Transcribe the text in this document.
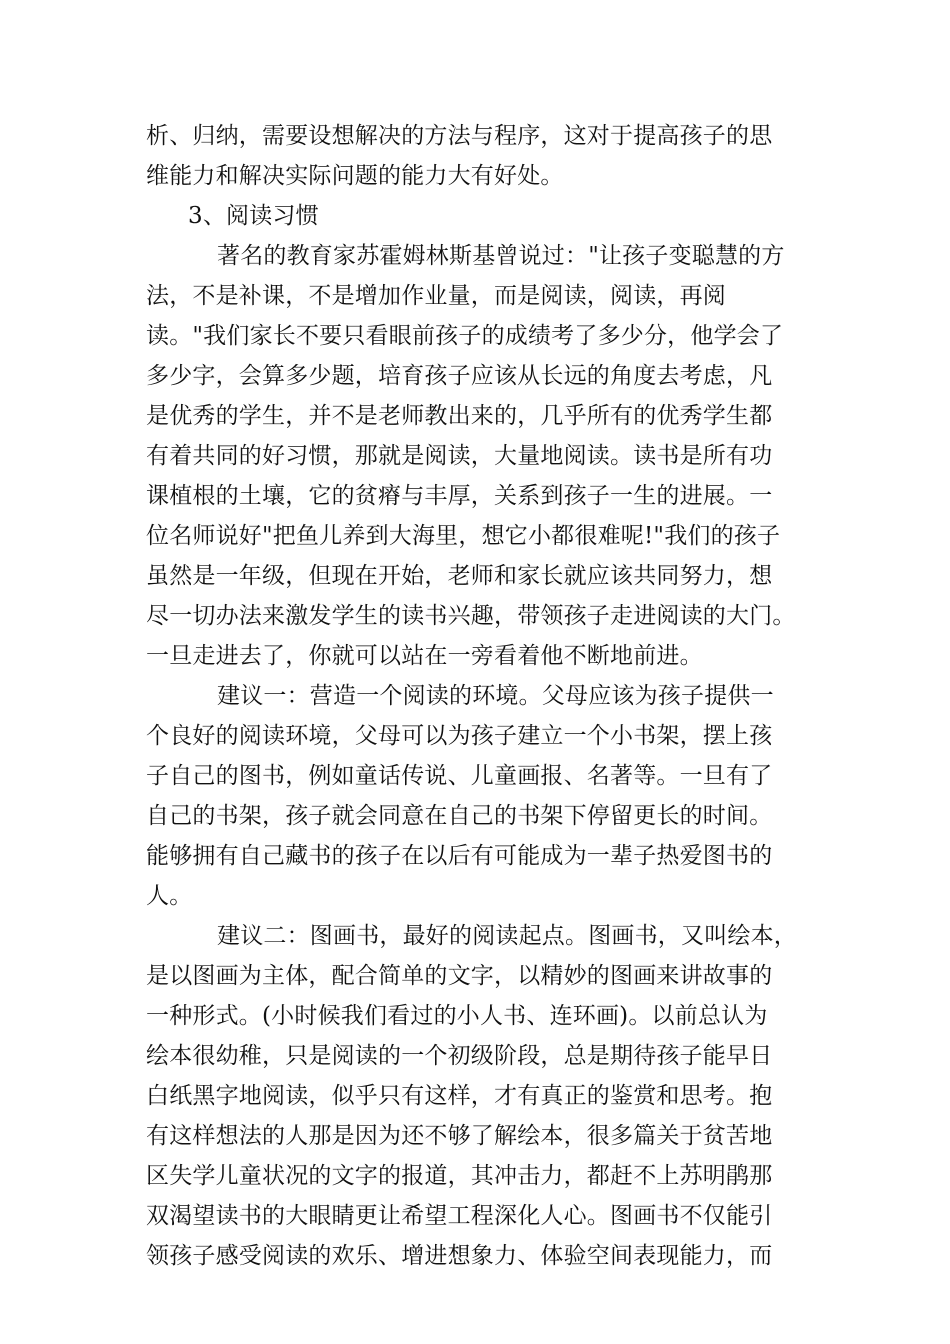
析、归纳，需要设想解决的方法与程序，这对于提高孩子的思
维能力和解决实际问题的能力大有好处。
3、阅读习惯
著名的教育家苏霍姆林斯基曾说过："让孩子变聪慧的方
法，不是补课，不是增加作业量，而是阅读，阅读，再阅
读。"我们家长不要只看眼前孩子的成绩考了多少分，他学会了
多少字，会算多少题，培育孩子应该从长远的角度去考虑，凡
是优秀的学生，并不是老师教出来的，几乎所有的优秀学生都
有着共同的好习惯，那就是阅读，大量地阅读。读书是所有功
课植根的土壤，它的贫瘠与丰厚，关系到孩子一生的进展。一
位名师说好"把鱼儿养到大海里，想它小都很难呢!"我们的孩子
虽然是一年级，但现在开始，老师和家长就应该共同努力，想
尽一切办法来激发学生的读书兴趣，带领孩子走进阅读的大门。
一旦走进去了，你就可以站在一旁看着他不断地前进。
建议一：营造一个阅读的环境。父母应该为孩子提供一
个良好的阅读环境，父母可以为孩子建立一个小书架，摆上孩
子自己的图书，例如童话传说、儿童画报、名著等。一旦有了
自己的书架，孩子就会同意在自己的书架下停留更长的时间。
能够拥有自己藏书的孩子在以后有可能成为一辈子热爱图书的
人。
建议二：图画书，最好的阅读起点。图画书，又叫绘本，
是以图画为主体，配合简单的文字，以精妙的图画来讲故事的
一种形式。(小时候我们看过的小人书、连环画)。以前总认为
绘本很幼稚，只是阅读的一个初级阶段，总是期待孩子能早日
白纸黑字地阅读，似乎只有这样，才有真正的鉴赏和思考。抱
有这样想法的人那是因为还不够了解绘本，很多篇关于贫苦地
区失学儿童状况的文字的报道，其冲击力，都赶不上苏明鹃那
双渴望读书的大眼睛更让希望工程深化人心。图画书不仅能引
领孩子感受阅读的欢乐、增进想象力、体验空间表现能力，而
